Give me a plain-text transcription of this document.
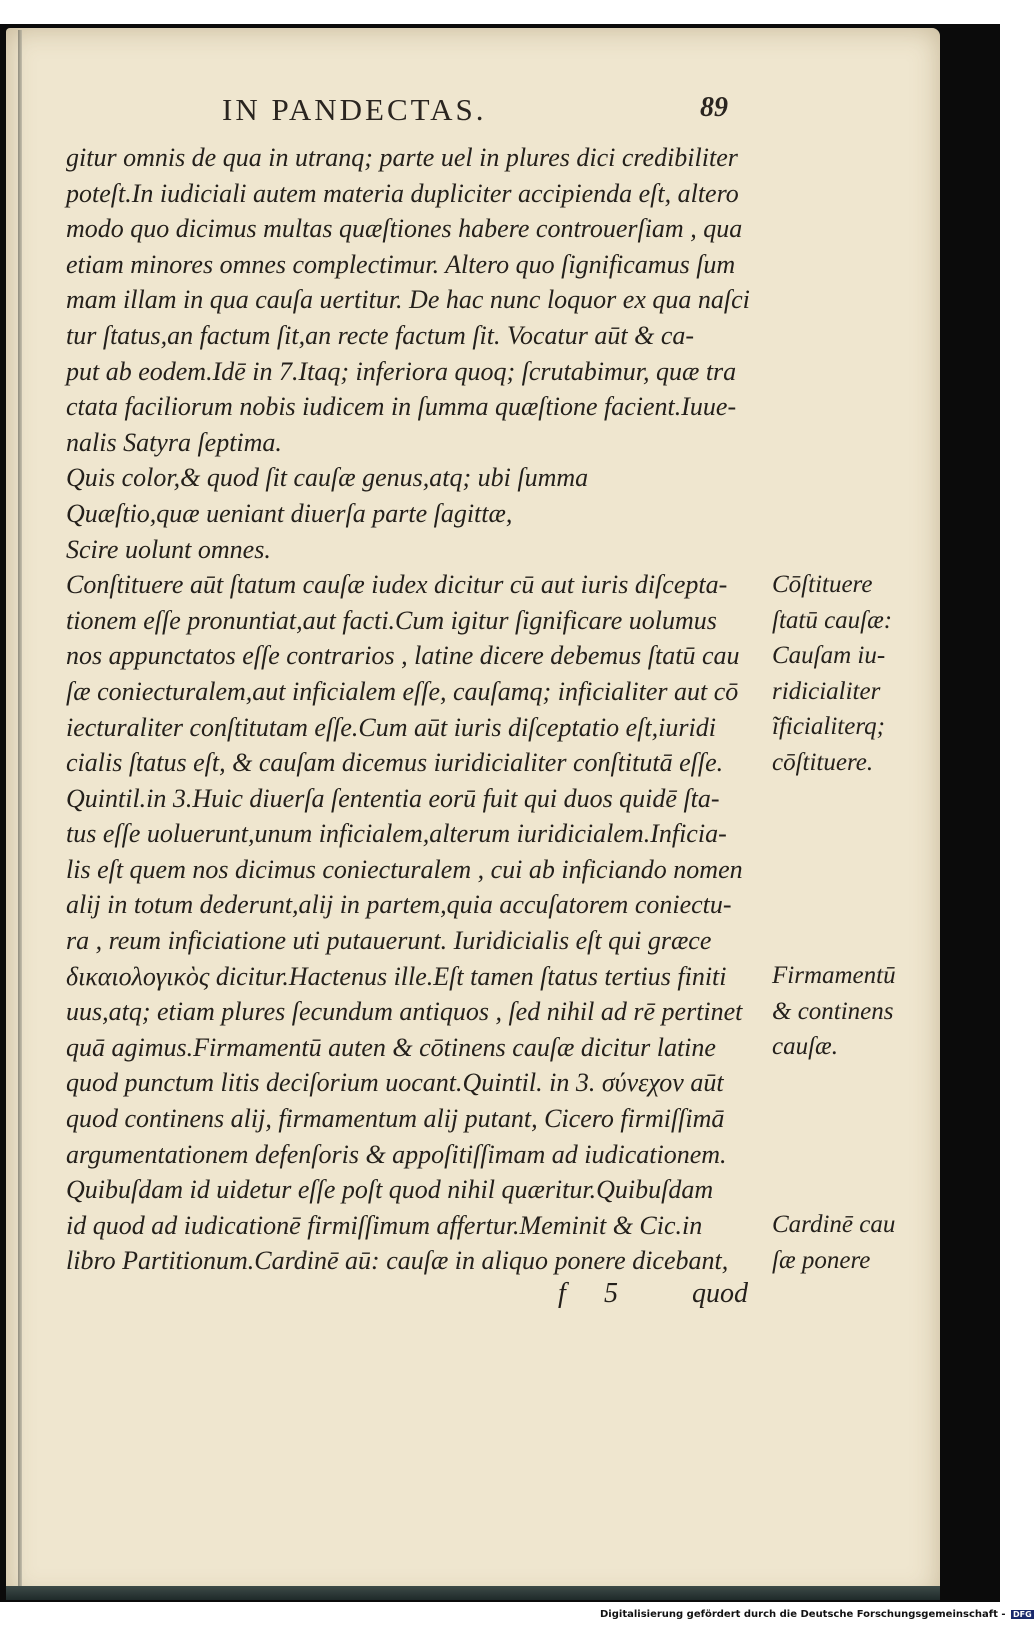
IN PANDECTAS.	89
gitur omnis de qua in utranq; parte uel in plures dici credibiliter
poteſt.In iudiciali autem materia dupliciter accipienda eſt, altero
modo quo dicimus multas quæſtiones habere controuerſiam , qua
etiam minores omnes complectimur. Altero quo ſignificamus ſum
mam illam in qua cauſa uertitur. De hac nunc loquor ex qua naſci
tur ſtatus,an factum ſit,an recte factum ſit. Vocatur aūt & ca-
put ab eodem.Idē in 7.Itaq; inferiora quoq; ſcrutabimur, quæ tra
ctata faciliorum nobis iudicem in ſumma quæſtione facient.Iuue-
nalis Satyra ſeptima.
Quis color,& quod ſit cauſæ genus,atq; ubi ſumma
Quæſtio,quæ ueniant diuerſa parte ſagittæ,
Scire uolunt omnes.
Conſtituere aūt ſtatum cauſæ iudex dicitur cū aut iuris diſcepta-
tionem eſſe pronuntiat,aut facti.Cum igitur ſignificare uolumus
nos appunctatos eſſe contrarios , latine dicere debemus ſtatū cau
ſæ coniecturalem,aut inficialem eſſe, cauſamq; inficialiter aut cō
iecturaliter conſtitutam eſſe.Cum aūt iuris diſceptatio eſt,iuridi
cialis ſtatus eſt, & cauſam dicemus iuridicialiter conſtitutā eſſe.
Quintil.in 3.Huic diuerſa ſententia eorū fuit qui duos quidē ſta-
tus eſſe uoluerunt,unum inficialem,alterum iuridicialem.Inficia-
lis eſt quem nos dicimus coniecturalem , cui ab inficiando nomen
alij in totum dederunt,alij in partem,quia accuſatorem coniectu-
ra , reum inficiatione uti putauerunt. Iuridicialis eſt qui græce
δικαιολογικὸς dicitur.Hactenus ille.Eſt tamen ſtatus tertius finiti
uus,atq; etiam plures ſecundum antiquos , ſed nihil ad rē pertinet
quā agimus.Firmamentū auten & cōtinens cauſæ dicitur latine
quod punctum litis deciſorium uocant.Quintil. in 3. σύνεχον aūt
quod continens alij, firmamentum alij putant, Cicero firmiſſimā
argumentationem defenſoris & appoſitiſſimam ad iudicationem.
Quibuſdam id uidetur eſſe poſt quod nihil quæritur.Quibuſdam
id quod ad iudicationē firmiſſimum affertur.Meminit & Cic.in
libro Partitionum.Cardinē aū: cauſæ in aliquo ponere dicebant,
Cōſtituere
ſtatū cauſæ:
Cauſam iu-
ridicialiter
ĩficialiterq;
cōſtituere.
Firmamentū
& continens
cauſæ.
Cardinē cau
ſæ ponere
f 5	quod
Digitalisierung gefördert durch die Deutsche Forschungsgemeinschaft - DFG
